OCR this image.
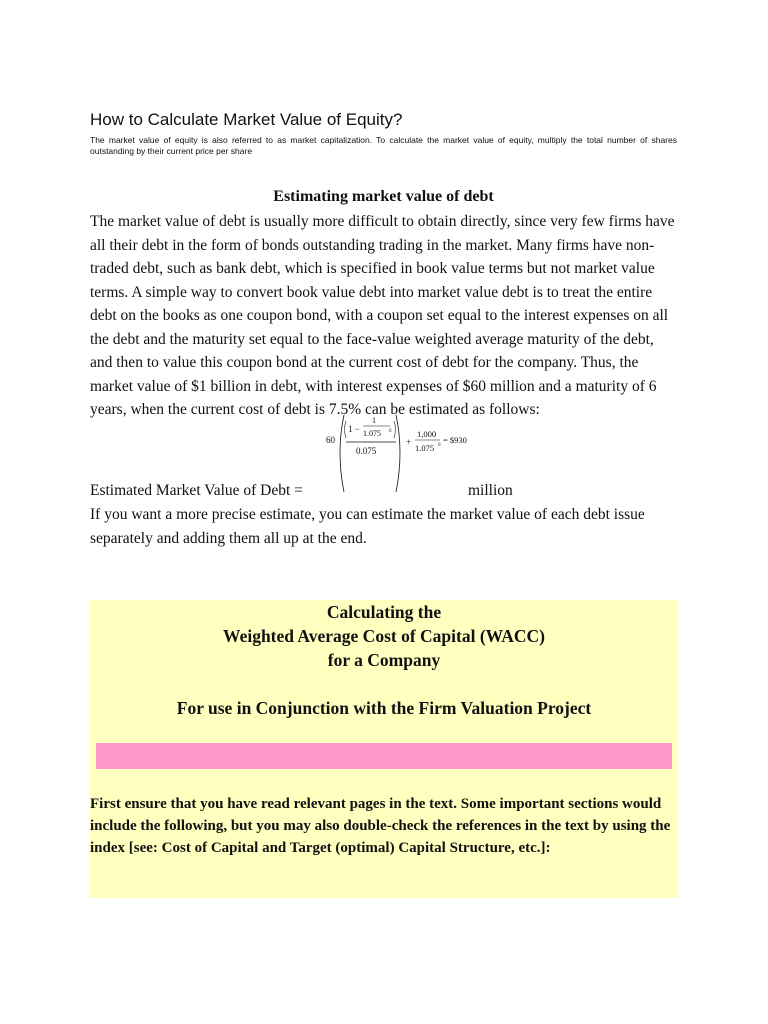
How to Calculate Market Value of Equity?

The market value of equity is also referred to as market capitalization. To calculate the market value of equity, multiply the total number of shares outstanding by their current price per share

Estimating market value of debt

The market value of debt is usually more difficult to obtain directly, since very few firms have all their debt in the form of bonds outstanding trading in the market. Many firms have non-traded debt, such as bank debt, which is specified in book value terms but not market value terms. A simple way to convert book value debt into market value debt is to treat the entire debt on the books as one coupon bond, with a coupon set equal to the interest expenses on all the debt and the maturity set equal to the face-value weighted average maturity of the debt, and then to value this coupon bond at the current cost of debt for the company. Thus, the market value of $1 billion in debt, with interest expenses of $60 million and a maturity of 6 years, when the current cost of debt is 7.5% can be estimated as follows:

60
1 −
1
1.075 6
0.075
+
1,000
1.075 6
= $930
Estimated Market Value of Debt =	million

If you want a more precise estimate, you can estimate the market value of each debt issue separately and adding them all up at the end.

Calculating the

Weighted Average Cost of Capital (WACC)

for a Company

For use in Conjunction with the Firm Valuation Project

First ensure that you have read relevant pages in the text. Some important sections would include the following, but you may also double-check the references in the text by using the index [see: Cost of Capital and Target (optimal) Capital Structure, etc.]:
